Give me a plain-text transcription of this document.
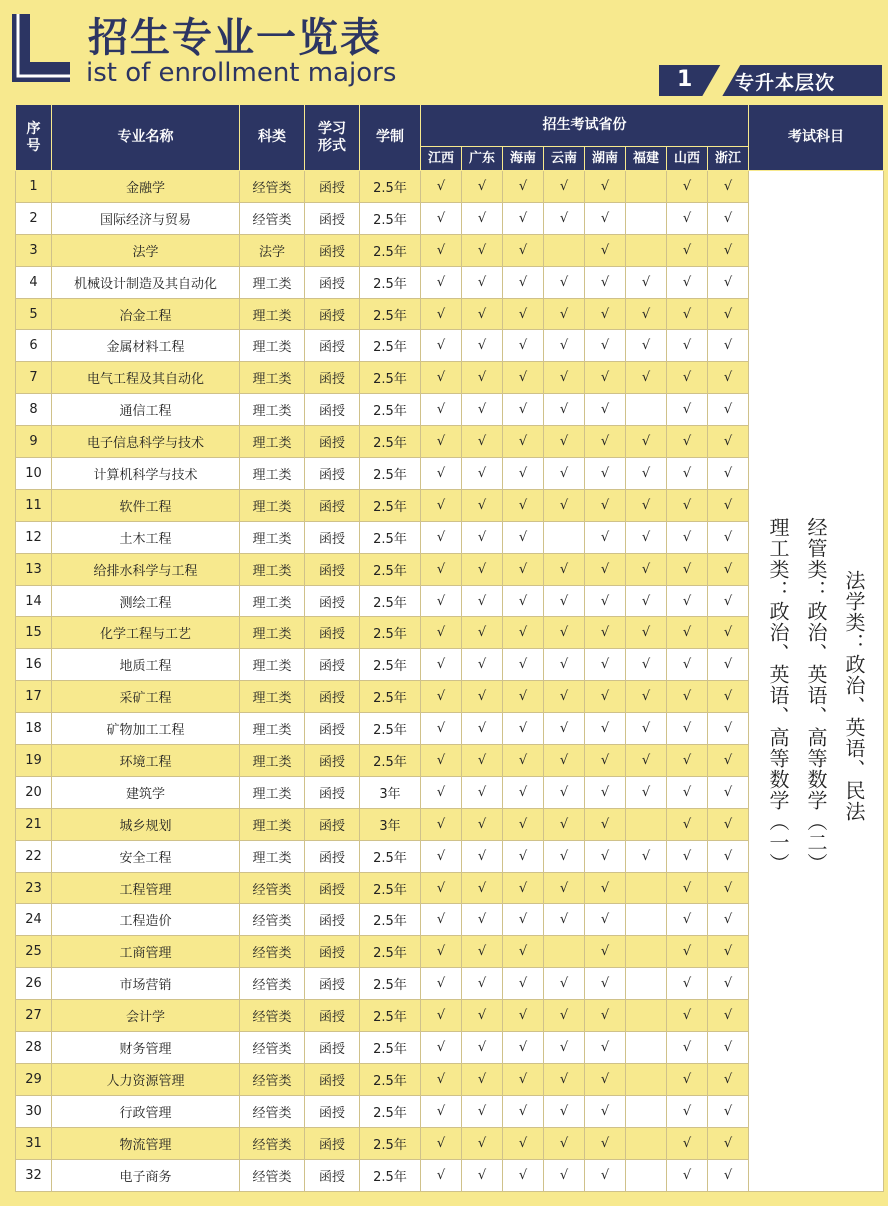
招生专业一览表
ist of enrollment majors	1 专升本层次
序号	专业名称	科类	学习形式	学制	招生考试省份								考试科目
					江西	广东	海南	云南	湖南	福建	山西	浙江	
1	金融学	经管类	函授	2.5年	√	√	√	√	√		√	√	法学类：政治、英语、民法
经管类：政治、英语、高等数学（二）
理工类：政治、英语、高等数学（一）

2	国际经济与贸易	经管类	函授	2.5年	√	√	√	√	√		√	√	
3	法学	法学	函授	2.5年	√	√	√		√		√	√	
4	机械设计制造及其自动化	理工类	函授	2.5年	√	√	√	√	√	√	√	√	
5	冶金工程	理工类	函授	2.5年	√	√	√	√	√	√	√	√	
6	金属材料工程	理工类	函授	2.5年	√	√	√	√	√	√	√	√	
7	电气工程及其自动化	理工类	函授	2.5年	√	√	√	√	√	√	√	√	
8	通信工程	理工类	函授	2.5年	√	√	√	√	√		√	√	
9	电子信息科学与技术	理工类	函授	2.5年	√	√	√	√	√	√	√	√	
10	计算机科学与技术	理工类	函授	2.5年	√	√	√	√	√	√	√	√	
11	软件工程	理工类	函授	2.5年	√	√	√	√	√	√	√	√	
12	土木工程	理工类	函授	2.5年	√	√	√		√	√	√	√	
13	给排水科学与工程	理工类	函授	2.5年	√	√	√	√	√	√	√	√	
14	测绘工程	理工类	函授	2.5年	√	√	√	√	√	√	√	√	
15	化学工程与工艺	理工类	函授	2.5年	√	√	√	√	√	√	√	√	
16	地质工程	理工类	函授	2.5年	√	√	√	√	√	√	√	√	
17	采矿工程	理工类	函授	2.5年	√	√	√	√	√	√	√	√	
18	矿物加工工程	理工类	函授	2.5年	√	√	√	√	√	√	√	√	
19	环境工程	理工类	函授	2.5年	√	√	√	√	√	√	√	√	
20	建筑学	理工类	函授	3年	√	√	√	√	√	√	√	√	
21	城乡规划	理工类	函授	3年	√	√	√	√	√		√	√	
22	安全工程	理工类	函授	2.5年	√	√	√	√	√	√	√	√	
23	工程管理	经管类	函授	2.5年	√	√	√	√	√		√	√	
24	工程造价	经管类	函授	2.5年	√	√	√	√	√		√	√	
25	工商管理	经管类	函授	2.5年	√	√	√		√		√	√	
26	市场营销	经管类	函授	2.5年	√	√	√	√	√		√	√	
27	会计学	经管类	函授	2.5年	√	√	√	√	√		√	√	
28	财务管理	经管类	函授	2.5年	√	√	√	√	√		√	√	
29	人力资源管理	经管类	函授	2.5年	√	√	√	√	√		√	√	
30	行政管理	经管类	函授	2.5年	√	√	√	√	√		√	√	
31	物流管理	经管类	函授	2.5年	√	√	√	√	√		√	√	
32	电子商务	经管类	函授	2.5年	√	√	√	√	√		√	√	
